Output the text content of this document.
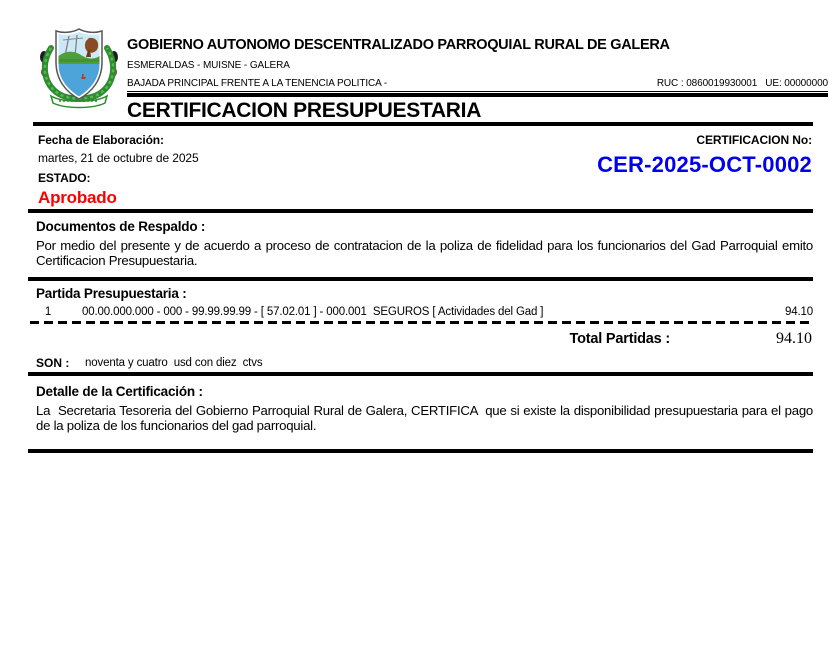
GOBIERNO AUTONOMO DESCENTRALIZADO PARROQUIAL RURAL DE GALERA
ESMERALDAS - MUISNE - GALERA
BAJADA PRINCIPAL FRENTE A LA TENENCIA POLITICA -	RUC : 0860019930001   UE: 00000000
CERTIFICACION PRESUPUESTARIA
Fecha de Elaboración:
martes, 21 de octubre de 2025
ESTADO:
Aprobado
CERTIFICACION No:
CER-2025-OCT-0002
Documentos de Respaldo :
Por medio del presente y de acuerdo a proceso de contratacion de la poliza de fidelidad para los funcionarios del Gad Parroquial emito Certificacion Presupuestaria.
Partida Presupuestaria :
1	00.00.000.000 - 000 - 99.99.99.99 - [ 57.02.01 ] - 000.001  SEGUROS [ Actividades del Gad ]	94.10
Total Partidas :	94.10
SON : noventa y cuatro  usd con diez  ctvs
Detalle de la Certificación :
La  Secretaria Tesoreria del Gobierno Parroquial Rural de Galera, CERTIFICA  que si existe la disponibilidad presupuestaria para el pago de la poliza de los funcionarios del gad parroquial.
